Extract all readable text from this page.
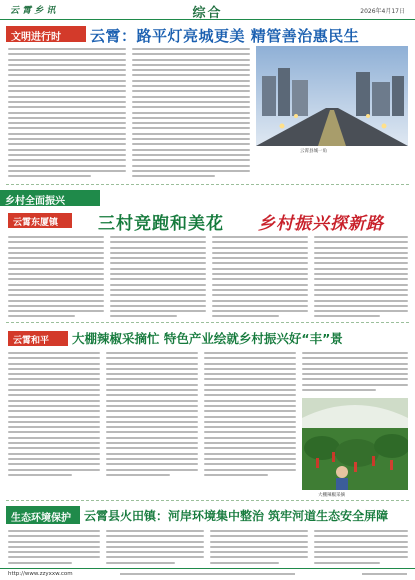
云 霄 乡 讯	综合	2026年4月17日
文明进行时 云霄：路平灯亮城更美 精管善治惠民生
云霄县城一角
乡村全面振兴
云霄东厦镇 三村竞跑和美花 乡村振兴探新路
云霄和平 大棚辣椒采摘忙 特色产业绘就乡村振兴好“丰”景
大棚辣椒采摘
生态环境保护 云霄县火田镇：河岸环境集中整治 筑牢河道生态安全屏障
http://www.zzyxxw.com
